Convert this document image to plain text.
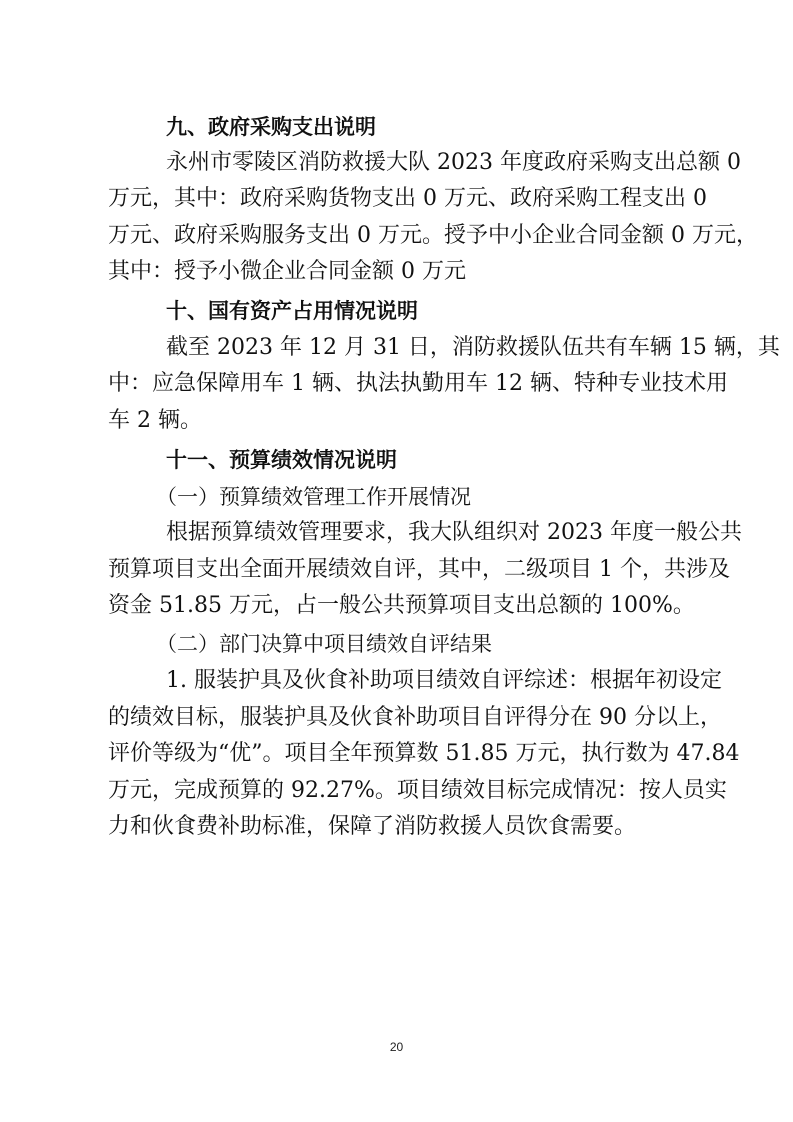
九、政府采购支出说明
永州市零陵区消防救援大队 2023 年度政府采购支出总额 0
万元，其中：政府采购货物支出 0 万元、政府采购工程支出 0
万元、政府采购服务支出 0 万元。授予中小企业合同金额 0 万元，
其中：授予小微企业合同金额 0 万元
十、国有资产占用情况说明
截至 2023 年 12 月 31 日，消防救援队伍共有车辆 15 辆，其
中：应急保障用车 1 辆、执法执勤用车 12 辆、特种专业技术用
车 2 辆。
十一、预算绩效情况说明
（一）预算绩效管理工作开展情况
根据预算绩效管理要求，我大队组织对 2023 年度一般公共
预算项目支出全面开展绩效自评，其中，二级项目 1 个，共涉及
资金 51.85 万元，占一般公共预算项目支出总额的 100%。
（二）部门决算中项目绩效自评结果
1. 服装护具及伙食补助项目绩效自评综述：根据年初设定
的绩效目标，服装护具及伙食补助项目自评得分在 90 分以上，
评价等级为“优”。项目全年预算数 51.85 万元，执行数为 47.84
万元，完成预算的 92.27%。项目绩效目标完成情况：按人员实
力和伙食费补助标准，保障了消防救援人员饮食需要。
20
